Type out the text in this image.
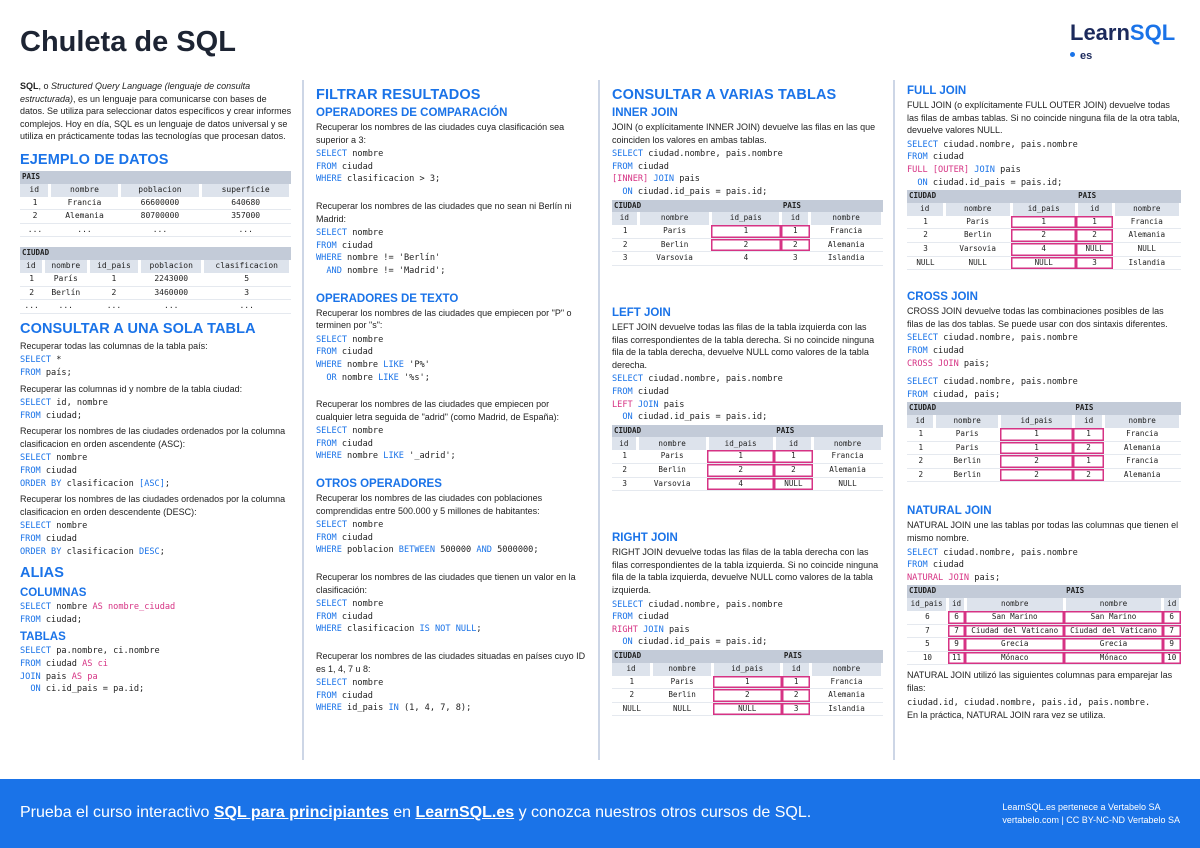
Chuleta de SQL	LearnSQL
es
SQL, o Structured Query Language (lenguaje de consulta estructurada), es un lenguaje para comunicarse con bases de datos. Se utiliza para seleccionar datos específicos y crear informes complejos. Hoy en día, SQL es un lenguaje de datos universal y se utiliza en prácticamente todas las tecnologías que procesan datos.
EJEMPLO DE DATOS
PAIS			
id	nombre	poblacion	superficie
1	Francia	66600000	640680
2	Alemania	80700000	357000
...	...	...	...
CIUDAD				
id	nombre	id_pais	poblacion	clasificacion
1	París	1	2243000	5
2	Berlín	2	3460000	3
...	...	...	...	...
CONSULTAR A UNA SOLA TABLA
Recuperar todas las columnas de la tabla país:
SELECT *
FROM país;
Recuperar las columnas id y nombre de la tabla ciudad:
SELECT id, nombre
FROM ciudad;
Recuperar los nombres de las ciudades ordenados por la columna clasificacion en orden ascendente (ASC):
SELECT nombre
FROM ciudad
ORDER BY clasificacion [ASC];
Recuperar los nombres de las ciudades ordenados por la columna clasificacion en orden descendente (DESC):
SELECT nombre
FROM ciudad
ORDER BY clasificacion DESC;
ALIAS
COLUMNAS
SELECT nombre AS nombre_ciudad
FROM ciudad;
TABLAS
SELECT pa.nombre, ci.nombre
FROM ciudad AS ci
JOIN pais AS pa
ON ci.id_pais = pa.id;
FILTRAR RESULTADOS
OPERADORES DE COMPARACIÓN
Recuperar los nombres de las ciudades cuya clasificación sea superior a 3:
SELECT nombre
FROM ciudad
WHERE clasificacion > 3;
Recuperar los nombres de las ciudades que no sean ni Berlín ni Madrid:
SELECT nombre
FROM ciudad
WHERE nombre != 'Berlín'
AND nombre != 'Madrid';
OPERADORES DE TEXTO
Recuperar los nombres de las ciudades que empiecen por "P" o terminen por "s":
SELECT nombre
FROM ciudad
WHERE nombre LIKE 'P%'
OR nombre LIKE '%s';
Recuperar los nombres de las ciudades que empiecen por cualquier letra seguida de "adrid" (como Madrid, de España):
SELECT nombre
FROM ciudad
WHERE nombre LIKE '_adrid';
OTROS OPERADORES
Recuperar los nombres de las ciudades con poblaciones comprendidas entre 500.000 y 5 millones de habitantes:
SELECT nombre
FROM ciudad
WHERE poblacion BETWEEN 500000 AND 5000000;
Recuperar los nombres de las ciudades que tienen un valor en la clasificación:
SELECT nombre
FROM ciudad
WHERE clasificacion IS NOT NULL;
Recuperar los nombres de las ciudades situadas en países cuyo ID es 1, 4, 7 u 8:
SELECT nombre
FROM ciudad
WHERE id_pais IN (1, 4, 7, 8);
CONSULTAR A VARIAS TABLAS
INNER JOIN
JOIN (o explícitamente INNER JOIN) devuelve las filas en las que coinciden los valores en ambas tablas.
SELECT ciudad.nombre, pais.nombre
FROM ciudad
[INNER] JOIN pais
ON ciudad.id_pais = pais.id;
CIUDAD			PAIS	
id	nombre	id_pais	id	nombre
1	Paris	1	1	Francia
2	Berlin	2	2	Alemania
3	Varsovia	4	3	Islandia
LEFT JOIN
LEFT JOIN devuelve todas las filas de la tabla izquierda con las filas correspondientes de la tabla derecha. Si no coincide ninguna fila de la tabla derecha, devuelve NULL como valores de la tabla derecha.
SELECT ciudad.nombre, pais.nombre
FROM ciudad
LEFT JOIN pais
ON ciudad.id_pais = pais.id;
CIUDAD			PAIS	
id	nombre	id_pais	id	nombre
1	Paris	1	1	Francia
2	Berlin	2	2	Alemania
3	Varsovia	4	NULL	NULL
RIGHT JOIN
RIGHT JOIN devuelve todas las filas de la tabla derecha con las filas correspondientes de la tabla izquierda. Si no coincide ninguna fila de la tabla izquierda, devuelve NULL como valores de la tabla izquierda.
SELECT ciudad.nombre, pais.nombre
FROM ciudad
RIGHT JOIN pais
ON ciudad.id_pais = pais.id;
CIUDAD			PAIS	
id	nombre	id_pais	id	nombre
1	Paris	1	1	Francia
2	Berlin	2	2	Alemania
NULL	NULL	NULL	3	Islandia
FULL JOIN
FULL JOIN (o explícitamente FULL OUTER JOIN) devuelve todas las filas de ambas tablas. Si no coincide ninguna fila de la otra tabla, devuelve valores NULL.
SELECT ciudad.nombre, pais.nombre
FROM ciudad
FULL [OUTER] JOIN pais
ON ciudad.id_pais = pais.id;
CIUDAD			PAIS	
id	nombre	id_pais	id	nombre
1	Paris	1	1	Francia
2	Berlin	2	2	Alemania
3	Varsovia	4	NULL	NULL
NULL	NULL	NULL	3	Islandia
CROSS JOIN
CROSS JOIN devuelve todas las combinaciones posibles de las filas de las dos tablas. Se puede usar con dos sintaxis diferentes.
SELECT ciudad.nombre, pais.nombre
FROM ciudad
CROSS JOIN pais;
SELECT ciudad.nombre, pais.nombre
FROM ciudad, pais;
CIUDAD			PAIS	
id	nombre	id_pais	id	nombre
1	Paris	1	1	Francia
1	Paris	1	2	Alemania
2	Berlin	2	1	Francia
2	Berlin	2	2	Alemania
NATURAL JOIN
NATURAL JOIN une las tablas por todas las columnas que tienen el mismo nombre.
SELECT ciudad.nombre, pais.nombre
FROM ciudad
NATURAL JOIN pais;
CIUDAD			PAIS	
id_pais	id	nombre	nombre	id
6	6	San Marino	San Marino	6
7	7	Ciudad del Vaticano	Ciudad del Vaticano	7
5	9	Grecia	Grecia	9
10	11	Mónaco	Mónaco	10
NATURAL JOIN utilizó las siguientes columnas para emparejar las filas:
ciudad.id, ciudad.nombre, pais.id, pais.nombre.
En la práctica, NATURAL JOIN rara vez se utiliza.
Prueba el curso interactivo SQL para principiantes en LearnSQL.es y conozca nuestros otros cursos de SQL.	LearnSQL.es pertenece a Vertabelo SA
vertabelo.com | CC BY-NC-ND Vertabelo SA
